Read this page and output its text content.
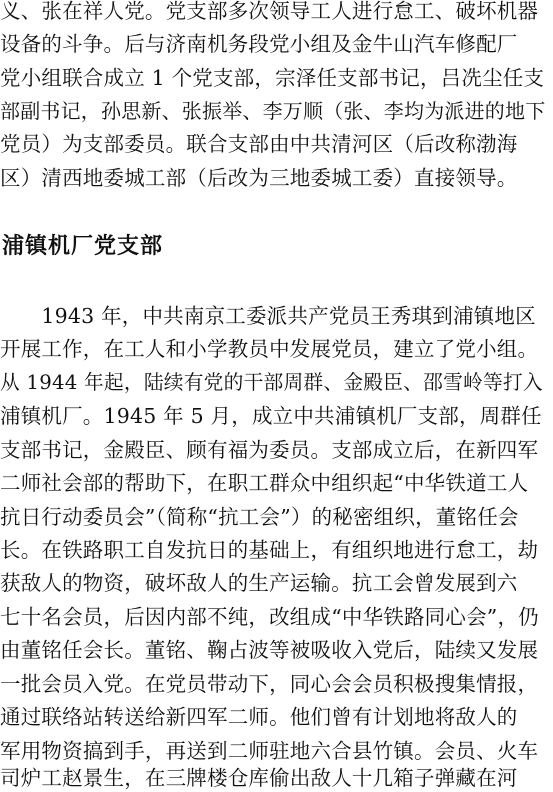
义、张在祥人党。党支部多次领导工人进行怠工、破坏机器
设备的斗争。后与济南机务段党小组及金牛山汽车修配厂
党小组联合成立 1 个党支部，宗泽任支部书记，吕冼尘任支
部副书记，孙思新、张振举、李万顺（张、李均为派进的地下
党员）为支部委员。联合支部由中共清河区（后改称渤海
区）清西地委城工部（后改为三地委城工委）直接领导。
浦镇机厂党支部
　　1943 年，中共南京工委派共产党员王秀琪到浦镇地区
开展工作，在工人和小学教员中发展党员，建立了党小组。
从 1944 年起，陆续有党的干部周群、金殿臣、邵雪岭等打入
浦镇机厂。1945 年 5 月，成立中共浦镇机厂支部，周群任
支部书记，金殿臣、顾有福为委员。支部成立后，在新四军
二师社会部的帮助下，在职工群众中组织起“中华铁道工人
抗日行动委员会”（简称“抗工会”）的秘密组织，董铭任会
长。在铁路职工自发抗日的基础上，有组织地进行怠工，劫
获敌人的物资，破坏敌人的生产运输。抗工会曾发展到六
七十名会员，后因内部不纯，改组成“中华铁路同心会”，仍
由董铭任会长。董铭、鞠占波等被吸收入党后，陆续又发展
一批会员入党。在党员带动下，同心会会员积极搜集情报，
通过联络站转送给新四军二师。他们曾有计划地将敌人的
军用物资搞到手，再送到二师驻地六合县竹镇。会员、火车
司炉工赵景生，在三牌楼仓库偷出敌人十几箱子弹藏在河
